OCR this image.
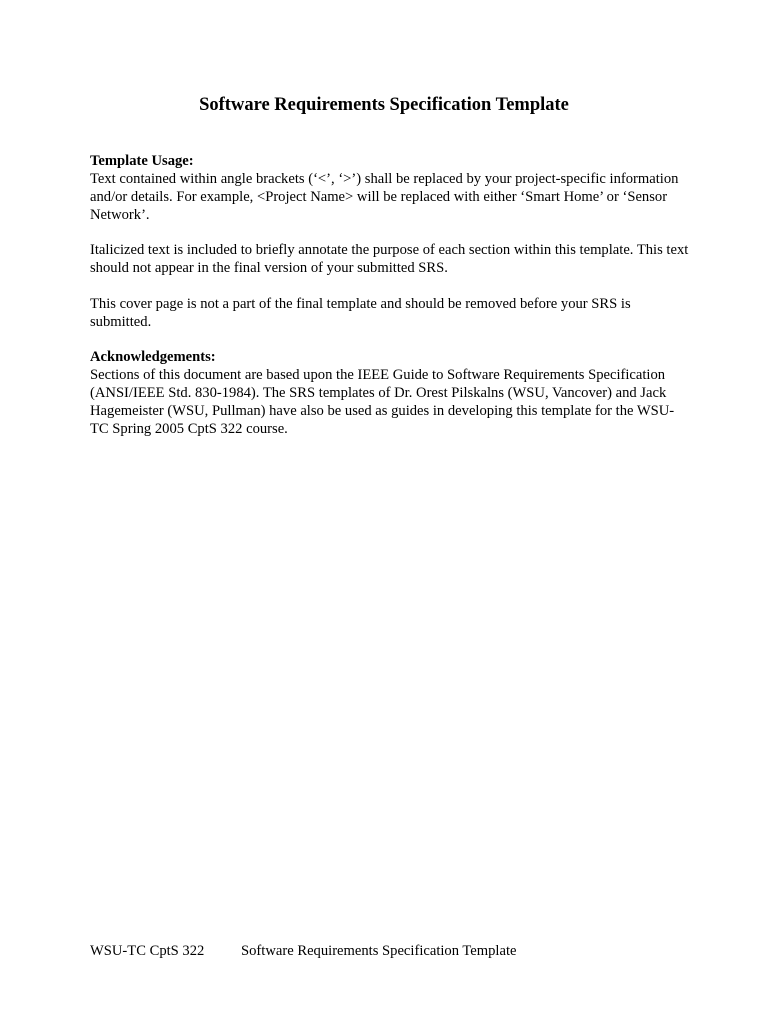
Software Requirements Specification Template

Template Usage:

Text contained within angle brackets (‘<’, ‘>’) shall be replaced by your project-specific information and/or details. For example, <Project Name> will be replaced with either ‘Smart Home’ or ‘Sensor Network’.

Italicized text is included to briefly annotate the purpose of each section within this template. This text should not appear in the final version of your submitted SRS.

This cover page is not a part of the final template and should be removed before your SRS is submitted.

Acknowledgements:

Sections of this document are based upon the IEEE Guide to Software Requirements Specification (ANSI/IEEE Std. 830-1984). The SRS templates of Dr. Orest Pilskalns (WSU, Vancover) and Jack Hagemeister (WSU, Pullman) have also be used as guides in developing this template for the WSU-TC Spring 2005 CptS 322 course.

WSU-TC CptS 322	Software Requirements Specification Template
